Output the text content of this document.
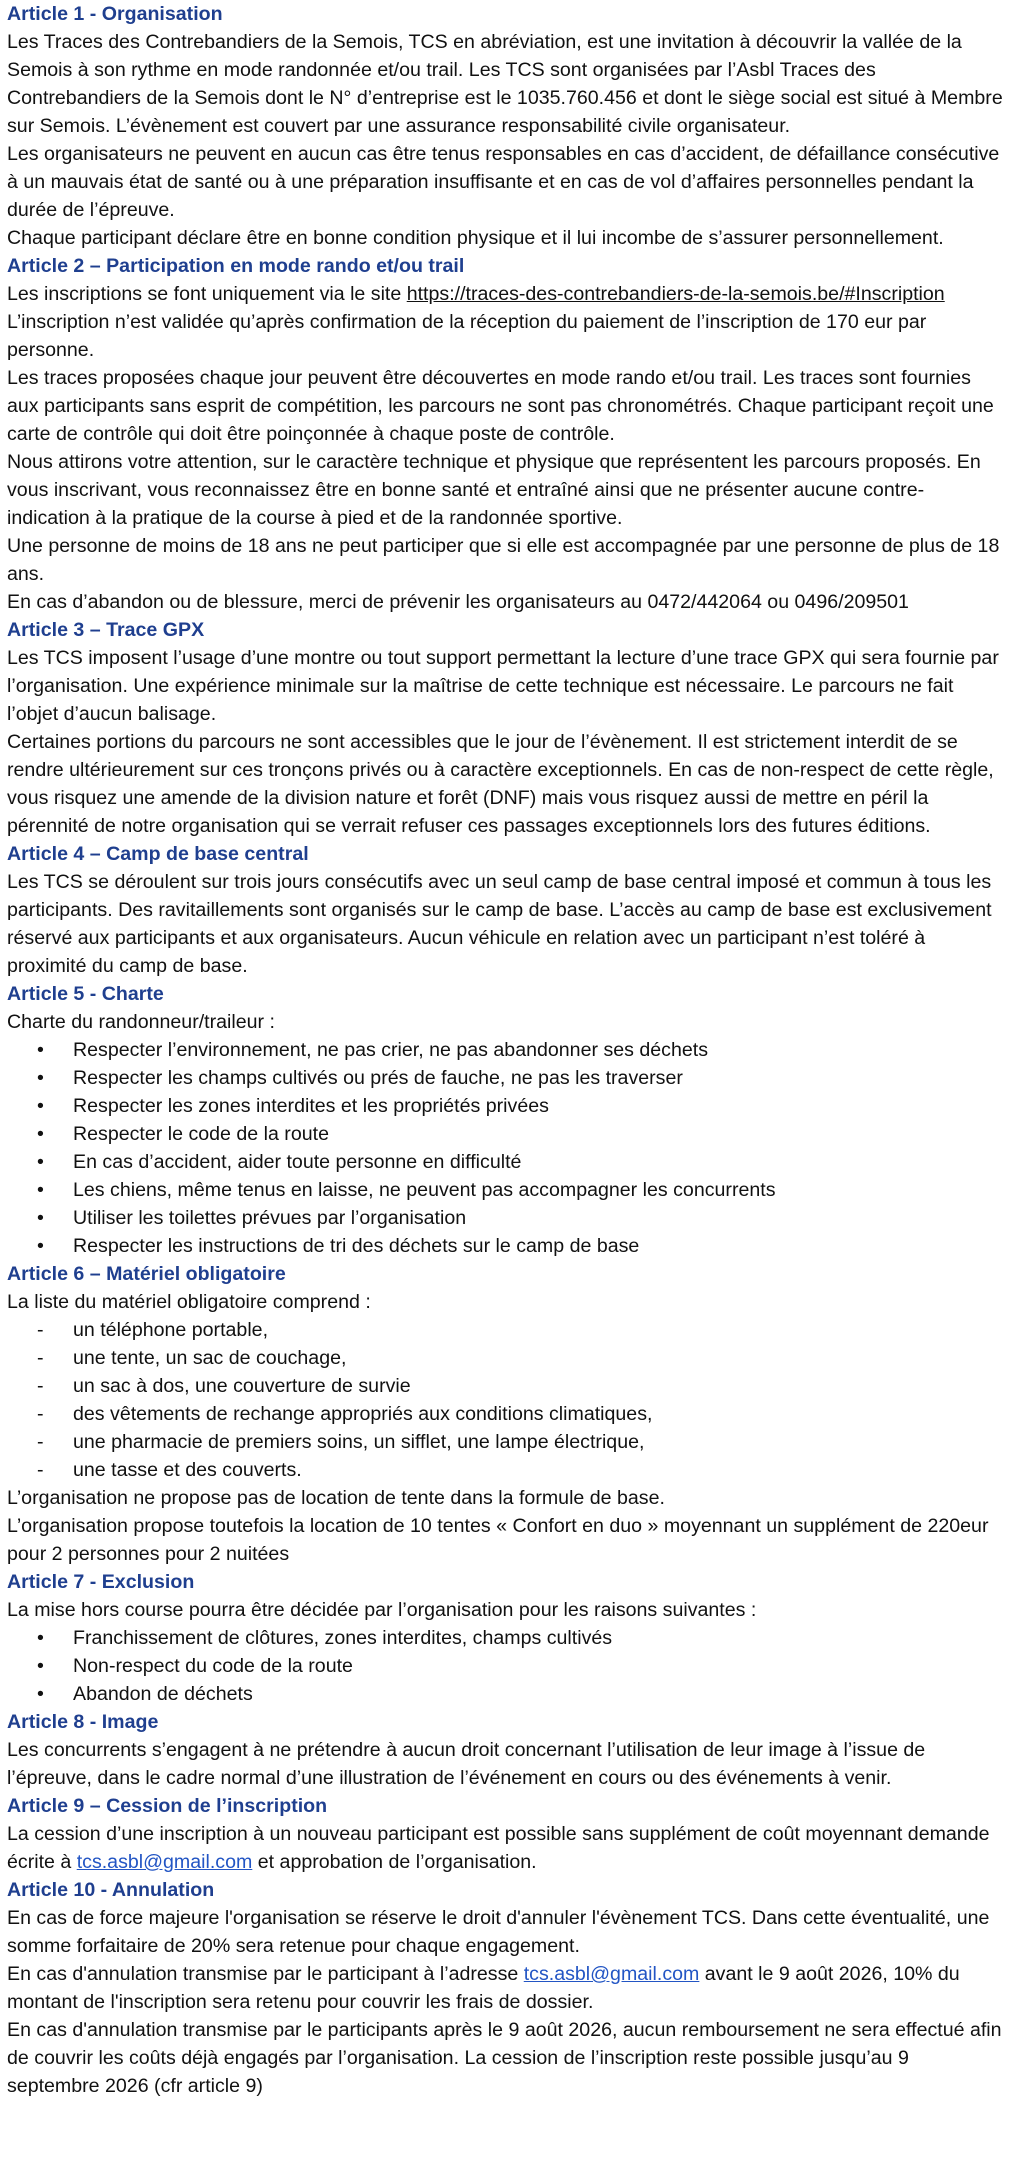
Article 1 - Organisation

Les Traces des Contrebandiers de la Semois, TCS en abréviation, est une invitation à découvrir la vallée de la Semois à son rythme en mode randonnée et/ou trail. Les TCS sont organisées par l’Asbl Traces des Contrebandiers de la Semois dont le N° d’entreprise est le 1035.760.456 et dont le siège social est situé à Membre sur Semois. L’évènement est couvert par une assurance responsabilité civile organisateur.

Les organisateurs ne peuvent en aucun cas être tenus responsables en cas d’accident, de défaillance consécutive à un mauvais état de santé ou à une préparation insuffisante et en cas de vol d’affaires personnelles pendant la durée de l’épreuve.

Chaque participant déclare être en bonne condition physique et il lui incombe de s’assurer personnellement.

Article 2 – Participation en mode rando et/ou trail

Les inscriptions se font uniquement via le site https://traces-des-contrebandiers-de-la-semois.be/#Inscription

L’inscription n’est validée qu’après confirmation de la réception du paiement de l’inscription de 170 eur par personne.

Les traces proposées chaque jour peuvent être découvertes en mode rando et/ou trail. Les traces sont fournies aux participants sans esprit de compétition, les parcours ne sont pas chronométrés. Chaque participant reçoit une carte de contrôle qui doit être poinçonnée à chaque poste de contrôle.

Nous attirons votre attention, sur le caractère technique et physique que représentent les parcours proposés. En vous inscrivant, vous reconnaissez être en bonne santé et entraîné ainsi que ne présenter aucune contre-indication à la pratique de la course à pied et de la randonnée sportive.

Une personne de moins de 18 ans ne peut participer que si elle est accompagnée par une personne de plus de 18 ans.

En cas d’abandon ou de blessure, merci de prévenir les organisateurs au 0472/442064 ou 0496/209501

Article 3 – Trace GPX

Les TCS imposent l’usage d’une montre ou tout support permettant la lecture d’une trace GPX qui sera fournie par l’organisation. Une expérience minimale sur la maîtrise de cette technique est nécessaire. Le parcours ne fait l’objet d’aucun balisage.

Certaines portions du parcours ne sont accessibles que le jour de l’évènement. Il est strictement interdit de se rendre ultérieurement sur ces tronçons privés ou à caractère exceptionnels. En cas de non-respect de cette règle, vous risquez une amende de la division nature et forêt (DNF) mais vous risquez aussi de mettre en péril la pérennité de notre organisation qui se verrait refuser ces passages exceptionnels lors des futures éditions.

Article 4 – Camp de base central

Les TCS se déroulent sur trois jours consécutifs avec un seul camp de base central imposé et commun à tous les participants. Des ravitaillements sont organisés sur le camp de base. L’accès au camp de base est exclusivement réservé aux participants et aux organisateurs. Aucun véhicule en relation avec un participant n’est toléré à proximité du camp de base.

Article 5 - Charte

Charte du randonneur/traileur :

• Respecter l’environnement, ne pas crier, ne pas abandonner ses déchets
• Respecter les champs cultivés ou prés de fauche, ne pas les traverser
• Respecter les zones interdites et les propriétés privées
• Respecter le code de la route
• En cas d’accident, aider toute personne en difficulté
• Les chiens, même tenus en laisse, ne peuvent pas accompagner les concurrents
• Utiliser les toilettes prévues par l’organisation
• Respecter les instructions de tri des déchets sur le camp de base
Article 6 – Matériel obligatoire

La liste du matériel obligatoire comprend :

- un téléphone portable,
- une tente, un sac de couchage,
- un sac à dos, une couverture de survie
- des vêtements de rechange appropriés aux conditions climatiques,
- une pharmacie de premiers soins, un sifflet, une lampe électrique,
- une tasse et des couverts.

L’organisation ne propose pas de location de tente dans la formule de base.

L’organisation propose toutefois la location de 10 tentes « Confort en duo » moyennant un supplément de 220eur pour 2 personnes pour 2 nuitées

Article 7 - Exclusion

La mise hors course pourra être décidée par l’organisation pour les raisons suivantes :

• Franchissement de clôtures, zones interdites, champs cultivés
• Non-respect du code de la route
• Abandon de déchets
Article 8 - Image

Les concurrents s’engagent à ne prétendre à aucun droit concernant l’utilisation de leur image à l’issue de l’épreuve, dans le cadre normal d’une illustration de l’événement en cours ou des événements à venir.

Article 9 – Cession de l’inscription

La cession d’une inscription à un nouveau participant est possible sans supplément de coût moyennant demande écrite à tcs.asbl@gmail.com et approbation de l’organisation.

Article 10 - Annulation

En cas de force majeure l'organisation se réserve le droit d'annuler l'évènement TCS. Dans cette éventualité, une somme forfaitaire de 20% sera retenue pour chaque engagement.

En cas d'annulation transmise par le participant à l’adresse tcs.asbl@gmail.com avant le 9 août 2026, 10% du montant de l'inscription sera retenu pour couvrir les frais de dossier.

En cas d'annulation transmise par le participants après le 9 août 2026, aucun remboursement ne sera effectué afin de couvrir les coûts déjà engagés par l’organisation. La cession de l’inscription reste possible jusqu’au 9 septembre 2026 (cfr article 9)
